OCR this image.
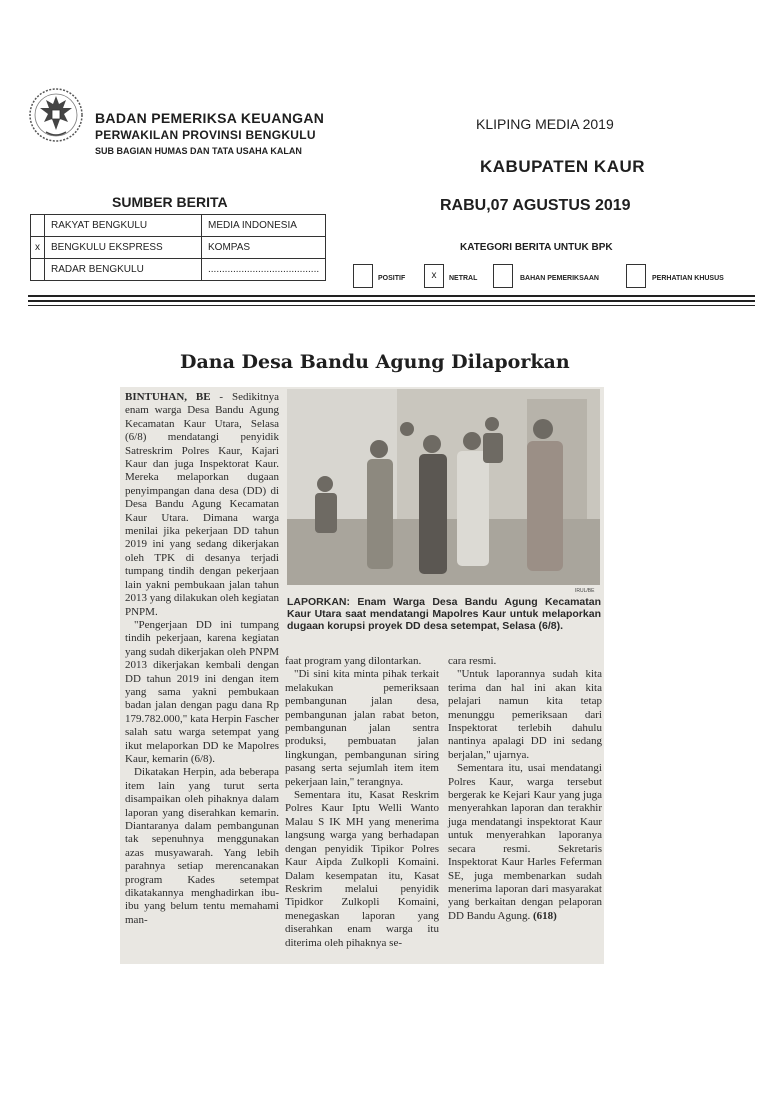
BADAN PEMERIKSA KEUANGAN
PERWAKILAN PROVINSI BENGKULU
SUB BAGIAN HUMAS DAN TATA USAHA KALAN
KLIPING MEDIA 2019
KABUPATEN KAUR
SUMBER BERITA	RABU,07 AGUSTUS 2019
KATEGORI BERITA UNTUK BPK
	RAKYAT BENGKULU	MEDIA INDONESIA
x	BENGKULU EKSPRESS	KOMPAS
	RADAR BENGKULU	........................................
POSITIF	x	NETRAL	BAHAN PEMERIKSAAN	PERHATIAN KHUSUS
Dana Desa Bandu Agung Dilaporkan

BINTUHAN, BE - Sedikitnya enam warga Desa Bandu Agung Kecamatan Kaur Utara, Selasa (6/8) mendatangi penyidik Satreskrim Polres Kaur, Kajari Kaur dan juga Inspektorat Kaur. Mereka melaporkan dugaan penyimpangan dana desa (DD) di Desa Bandu Agung Kecamatan Kaur Utara. Dimana warga menilai jika pekerjaan DD tahun 2019 ini yang sedang dikerjakan oleh TPK di desanya terjadi tumpang tindih dengan pekerjaan lain yakni pembukaan jalan tahun 2013 yang dilakukan oleh kegiatan PNPM.

"Pengerjaan DD ini tumpang tindih pekerjaan, karena kegiatan yang sudah dikerjakan oleh PNPM 2013 dikerjakan kembali dengan DD tahun 2019 ini dengan item yang sama yakni pembukaan badan jalan dengan pagu dana Rp 179.782.000," kata Herpin Fascher salah satu warga setempat yang ikut melaporkan DD ke Mapolres Kaur, kemarin (6/8).

Dikatakan Herpin, ada beberapa item lain yang turut serta disampaikan oleh pihaknya dalam laporan yang diserahkan kemarin. Diantaranya dalam pembangunan tak sepenuhnya menggunakan azas musyawarah. Yang lebih parahnya setiap merencanakan program Kades setempat dikatakannya menghadirkan ibu-ibu yang belum tentu memahami man-

IRUL/BE
LAPORKAN: Enam Warga Desa Bandu Agung Kecamatan Kaur Utara saat mendatangi Mapolres Kaur untuk melaporkan dugaan korupsi proyek DD desa setempat, Selasa (6/8).

faat program yang dilontarkan.

"Di sini kita minta pihak terkait melakukan pemeriksaan pembangunan jalan desa, pembangunan jalan rabat beton, pembangunan jalan sentra produksi, pembuatan jalan lingkungan, pembangunan siring pasang serta sejumlah item item pekerjaan lain," terangnya.

Sementara itu, Kasat Reskrim Polres Kaur Iptu Welli Wanto Malau S IK MH yang menerima langsung warga yang berhadapan dengan penyidik Tipikor Polres Kaur Aipda Zulkopli Komaini. Dalam kesempatan itu, Kasat Reskrim melalui penyidik Tipidkor Zulkopli Komaini, menegaskan laporan yang diserahkan enam warga itu diterima oleh pihaknya se-

cara resmi.

"Untuk laporannya sudah kita terima dan hal ini akan kita pelajari namun kita tetap menunggu pemeriksaan dari Inspektorat terlebih dahulu nantinya apalagi DD ini sedang berjalan," ujarnya.

Sementara itu, usai mendatangi Polres Kaur, warga tersebut bergerak ke Kejari Kaur yang juga menyerahkan laporan dan terakhir juga mendatangi inspektorat Kaur untuk menyerahkan laporanya secara resmi. Sekretaris Inspektorat Kaur Harles Feferman SE, juga membenarkan sudah menerima laporan dari masyarakat yang berkaitan dengan pelaporan DD Bandu Agung. (618)
